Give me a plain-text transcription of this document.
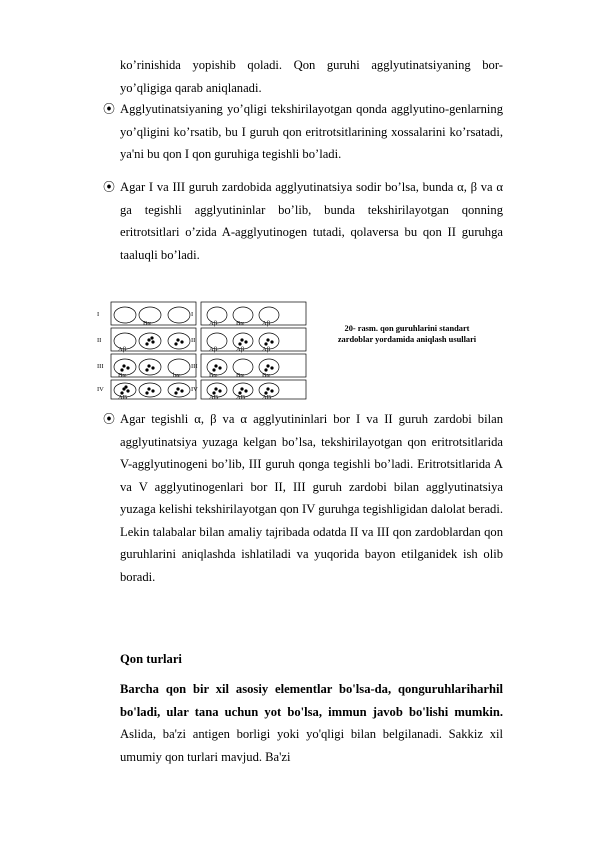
ko’rinishida yopishib qoladi. Qon guruhi agglyutinatsiyaning bor-yo’qligiga qarab aniqlanadi.
⦿ Agglyutinatsiyaning yo’qligi tekshirilayotgan qonda agglyutino-genlarning yo’qligini ko’rsatib, bu I guruh qon eritrotsitlarining xossalarini ko’rsatadi, ya'ni bu qon I qon guruhiga tegishli bo’ladi.
⦿ Agar I va III guruh zardobida agglyutinatsiya sodir bo’lsa, bunda α, β va α ga tegishli agglyutininlar bo’lib, bunda tekshirilayotgan qonning eritrotsitlari o’zida A-agglyutinogen tutadi, qolaversa bu qon II guruhga taaluqli bo’ladi.
I
II
III
IV
I
II
III
IV
Bα
Aβ
Bα	bα
AB
Aβ	Bα	Aβ
Aβ	Aβ	Aβ
Bα	Bα	Bα
AB	AB	AB
20- rasm. qon guruhlarini standart
zardoblar yordamida aniqlash usullari
⦿ Agar tegishli α, β va α agglyutininlari bor I va II guruh zardobi bilan agglyutinatsiya yuzaga kelgan bo’lsa, tekshirilayotgan qon eritrotsitlarida V-agglyutinogeni bo’lib, III guruh qonga tegishli bo’ladi. Eritrotsitlarida A va V agglyutinogenlari bor II, III guruh zardobi bilan agglyutinatsiya yuzaga kelishi tekshirilayotgan qon IV guruhga tegishligidan dalolat beradi. Lekin talabalar bilan amaliy tajribada odatda II va III qon zardoblardan qon guruhlarini aniqlashda ishlatiladi va yuqorida bayon etilganidek ish olib boradi.
Qon turlari
Barcha qon bir xil asosiy elementlar bo'lsa-da, qonguruhlariharhil bo'ladi, ular tana uchun yot bo'lsa, immun javob bo'lishi mumkin. Aslida, ba'zi antigen borligi yoki yo'qligi bilan belgilanadi. Sakkiz xil umumiy qon turlari mavjud. Ba'zi
